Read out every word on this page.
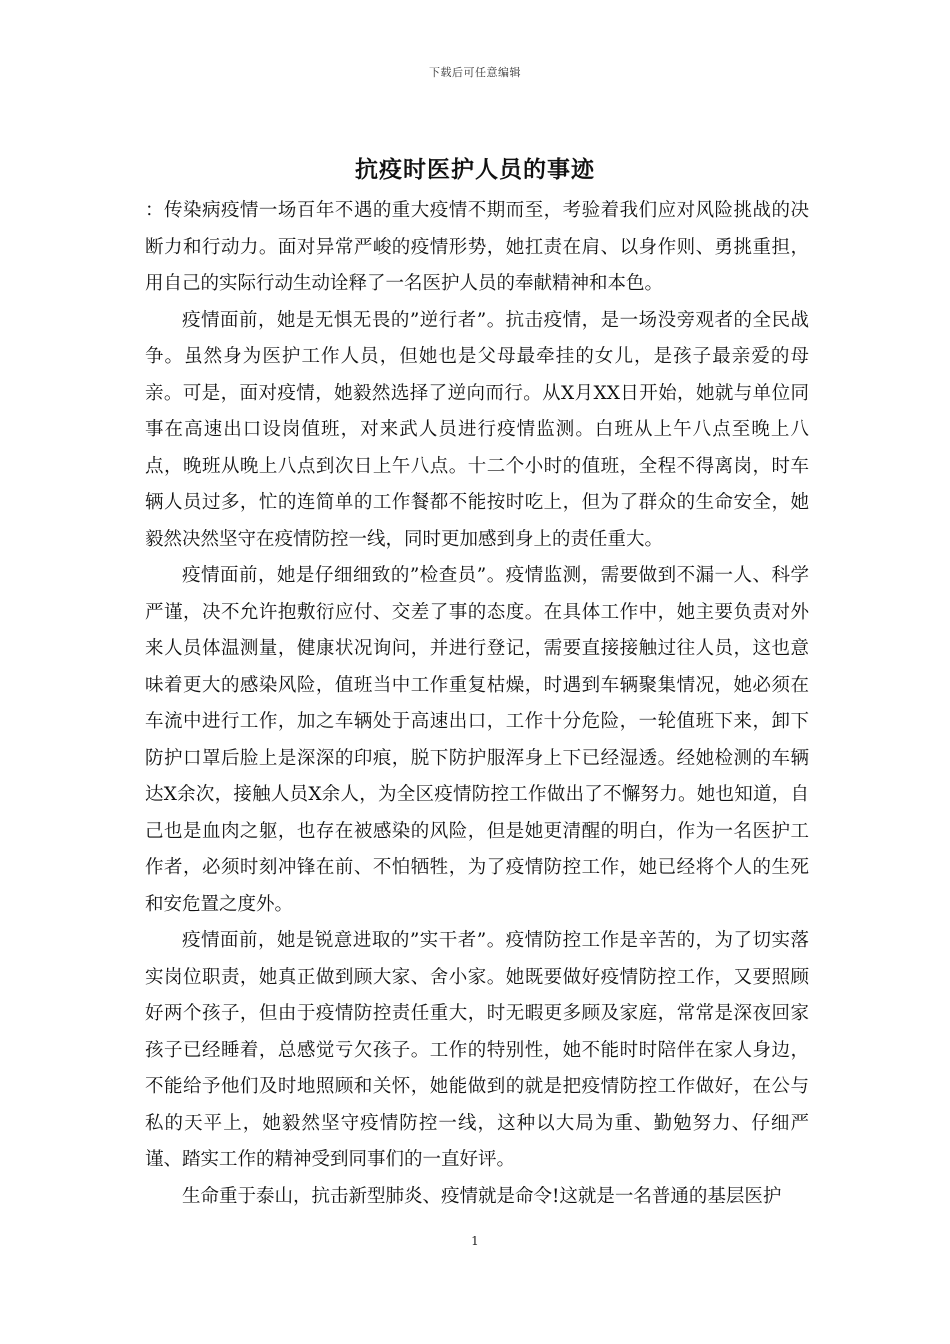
下载后可任意编辑
抗疫时医护人员的事迹

：传染病疫情一场百年不遇的重大疫情不期而至，考验着我们应对风险挑战的决断力和行动力。面对异常严峻的疫情形势，她扛责在肩、以身作则、勇挑重担，用自己的实际行动生动诠释了一名医护人员的奉献精神和本色。

疫情面前，她是无惧无畏的”逆行者”。抗击疫情，是一场没旁观者的全民战争。虽然身为医护工作人员，但她也是父母最牵挂的女儿，是孩子最亲爱的母亲。可是，面对疫情，她毅然选择了逆向而行。从X月XX日开始，她就与单位同事在高速出口设岗值班，对来武人员进行疫情监测。白班从上午八点至晚上八点，晚班从晚上八点到次日上午八点。十二个小时的值班，全程不得离岗，时车辆人员过多，忙的连简单的工作餐都不能按时吃上，但为了群众的生命安全，她毅然决然坚守在疫情防控一线，同时更加感到身上的责任重大。

疫情面前，她是仔细细致的”检查员”。疫情监测，需要做到不漏一人、科学严谨，决不允许抱敷衍应付、交差了事的态度。在具体工作中，她主要负责对外来人员体温测量，健康状况询问，并进行登记，需要直接接触过往人员，这也意味着更大的感染风险，值班当中工作重复枯燥，时遇到车辆聚集情况，她必须在车流中进行工作，加之车辆处于高速出口，工作十分危险，一轮值班下来，卸下防护口罩后脸上是深深的印痕，脱下防护服浑身上下已经湿透。经她检测的车辆达X余次，接触人员X余人，为全区疫情防控工作做出了不懈努力。她也知道，自己也是血肉之躯，也存在被感染的风险，但是她更清醒的明白，作为一名医护工作者，必须时刻冲锋在前、不怕牺牲，为了疫情防控工作，她已经将个人的生死和安危置之度外。

疫情面前，她是锐意进取的”实干者”。疫情防控工作是辛苦的，为了切实落实岗位职责，她真正做到顾大家、舍小家。她既要做好疫情防控工作，又要照顾好两个孩子，但由于疫情防控责任重大，时无暇更多顾及家庭，常常是深夜回家孩子已经睡着，总感觉亏欠孩子。工作的特别性，她不能时时陪伴在家人身边，不能给予他们及时地照顾和关怀，她能做到的就是把疫情防控工作做好，在公与私的天平上，她毅然坚守疫情防控一线，这种以大局为重、勤勉努力、仔细严谨、踏实工作的精神受到同事们的一直好评。

生命重于泰山，抗击新型肺炎、疫情就是命令!这就是一名普通的基层医护

1
